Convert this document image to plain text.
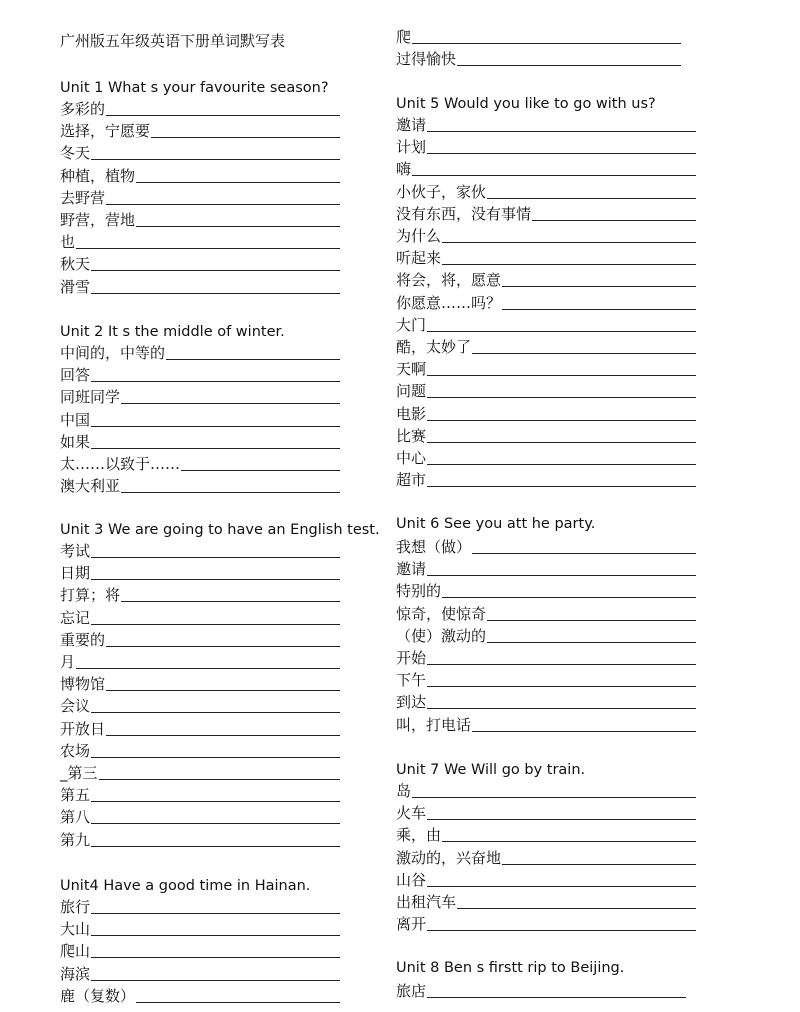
广州版五年级英语下册单词默写表
Unit 1 What s your favourite season?
多彩的
选择，宁愿要
冬天
种植，植物
去野营
野营，营地
也
秋天
滑雪
Unit 2 It s the middle of winter.
中间的，中等的
回答
同班同学
中国
如果
太……以致于……
澳大利亚
Unit 3 We are going to have an English test.
考试
日期
打算；将
忘记
重要的
月
博物馆
会议
开放日
农场
_第三
第五
第八
第九
Unit4 Have a good time in Hainan.
旅行
大山
爬山
海滨
鹿（复数）
爬
过得愉快
Unit 5 Would you like to go with us?
邀请
计划
嗨
小伙子，家伙
没有东西，没有事情
为什么
听起来
将会，将，愿意
你愿意……吗？
大门
酷，太妙了
天啊
问题
电影
比赛
中心
超市
Unit 6 See you att he party.
我想（做）
邀请
特别的
惊奇，使惊奇
（使）激动的
开始
下午
到达
叫，打电话
Unit 7 We Will go by train.
岛
火车
乘，由
激动的，兴奋地
山谷
出租汽车
离开
Unit 8 Ben s firstt rip to Beijing.
旅店
